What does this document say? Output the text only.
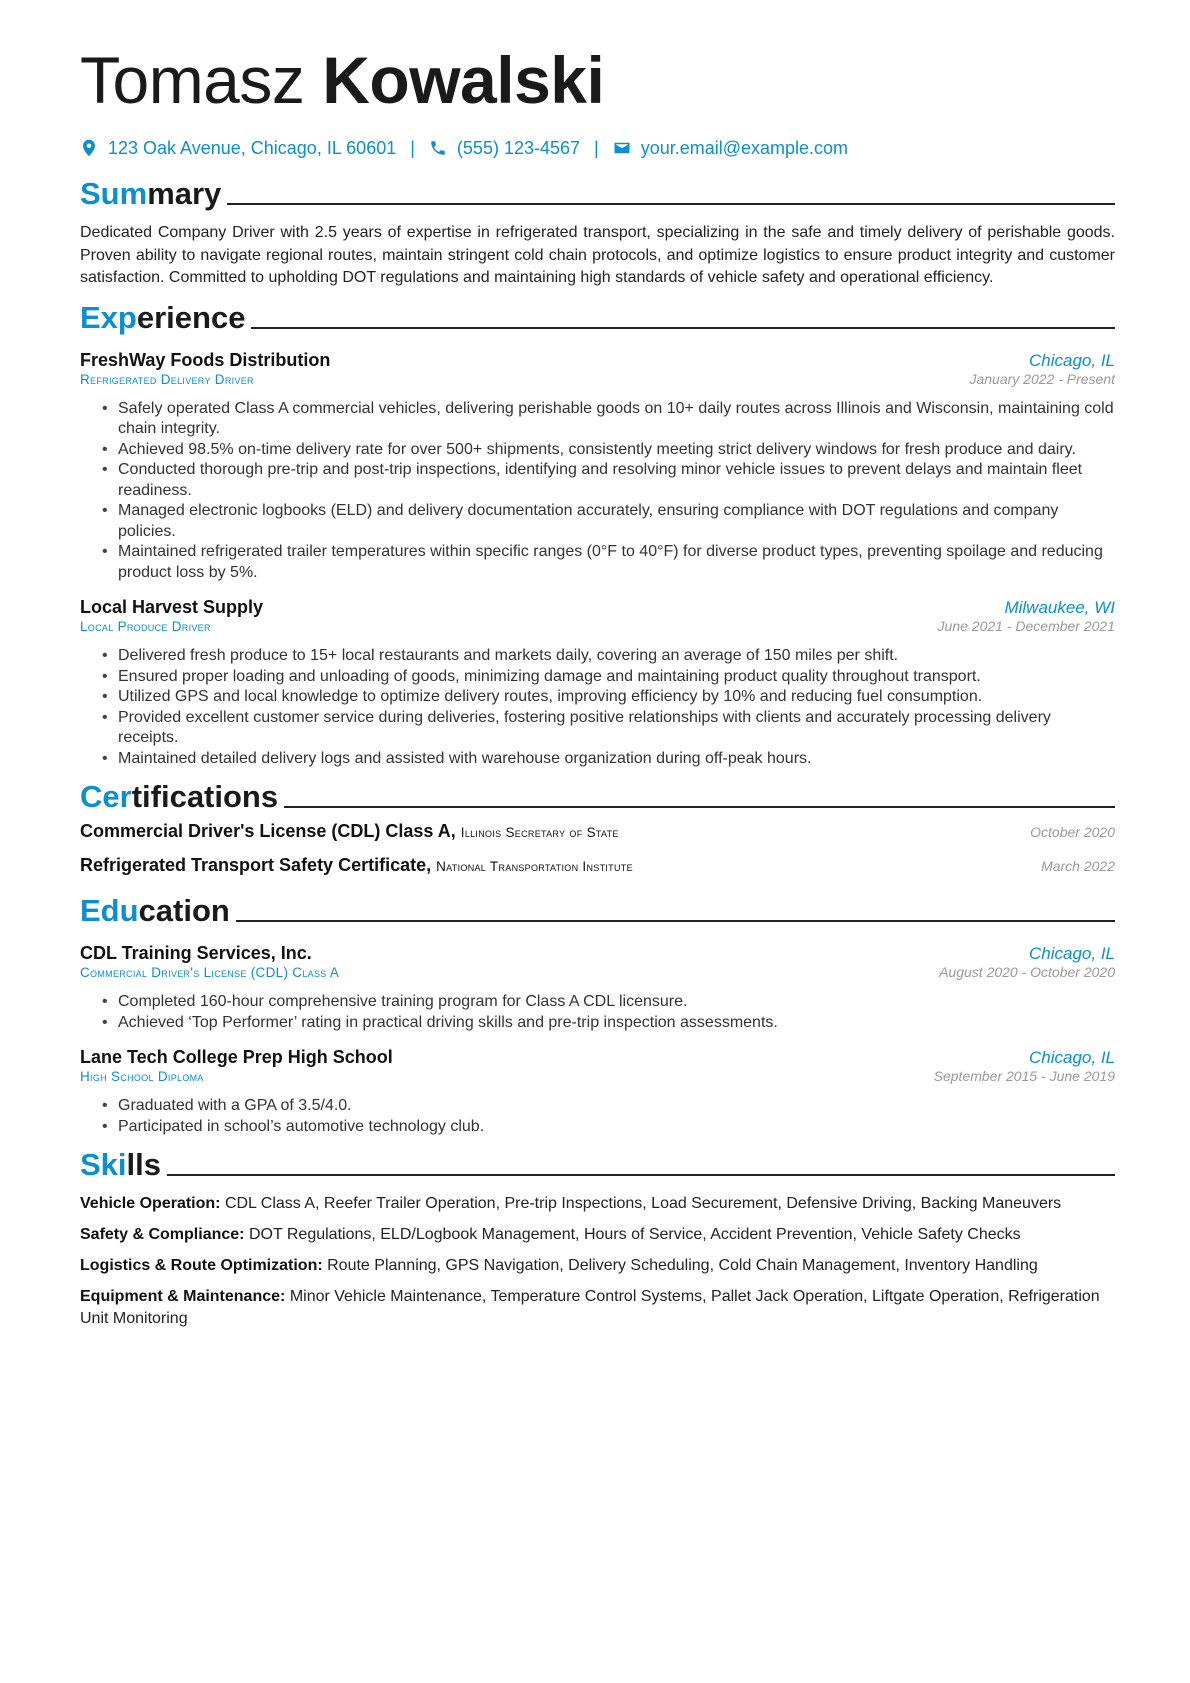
Tomasz Kowalski
123 Oak Avenue, Chicago, IL 60601 | (555) 123-4567 | your.email@example.com
Summary

Dedicated Company Driver with 2.5 years of expertise in refrigerated transport, specializing in the safe and timely delivery of perishable goods. Proven ability to navigate regional routes, maintain stringent cold chain protocols, and optimize logistics to ensure product integrity and customer satisfaction. Committed to upholding DOT regulations and maintaining high standards of vehicle safety and operational efficiency.

Experience
FreshWay Foods Distribution	Chicago, IL
Refrigerated Delivery Driver	January 2022 - Present
• Safely operated Class A commercial vehicles, delivering perishable goods on 10+ daily routes across Illinois and Wisconsin, maintaining cold chain integrity.
• Achieved 98.5% on-time delivery rate for over 500+ shipments, consistently meeting strict delivery windows for fresh produce and dairy.
• Conducted thorough pre-trip and post-trip inspections, identifying and resolving minor vehicle issues to prevent delays and maintain fleet readiness.
• Managed electronic logbooks (ELD) and delivery documentation accurately, ensuring compliance with DOT regulations and company policies.
• Maintained refrigerated trailer temperatures within specific ranges (0°F to 40°F) for diverse product types, preventing spoilage and reducing product loss by 5%.
Local Harvest Supply	Milwaukee, WI
Local Produce Driver	June 2021 - December 2021
• Delivered fresh produce to 15+ local restaurants and markets daily, covering an average of 150 miles per shift.
• Ensured proper loading and unloading of goods, minimizing damage and maintaining product quality throughout transport.
• Utilized GPS and local knowledge to optimize delivery routes, improving efficiency by 10% and reducing fuel consumption.
• Provided excellent customer service during deliveries, fostering positive relationships with clients and accurately processing delivery receipts.
• Maintained detailed delivery logs and assisted with warehouse organization during off-peak hours.
Certifications
Commercial Driver's License (CDL) Class A, Illinois Secretary of State	October 2020
Refrigerated Transport Safety Certificate, National Transportation Institute	March 2022
Education
CDL Training Services, Inc.	Chicago, IL
Commercial Driver's License (CDL) Class A	August 2020 - October 2020
• Completed 160-hour comprehensive training program for Class A CDL licensure.
• Achieved ‘Top Performer’ rating in practical driving skills and pre-trip inspection assessments.
Lane Tech College Prep High School	Chicago, IL
High School Diploma	September 2015 - June 2019
• Graduated with a GPA of 3.5/4.0.
• Participated in school’s automotive technology club.
Skills

Vehicle Operation: CDL Class A, Reefer Trailer Operation, Pre-trip Inspections, Load Securement, Defensive Driving, Backing Maneuvers

Safety & Compliance: DOT Regulations, ELD/Logbook Management, Hours of Service, Accident Prevention, Vehicle Safety Checks

Logistics & Route Optimization: Route Planning, GPS Navigation, Delivery Scheduling, Cold Chain Management, Inventory Handling

Equipment & Maintenance: Minor Vehicle Maintenance, Temperature Control Systems, Pallet Jack Operation, Liftgate Operation, Refrigeration Unit Monitoring
